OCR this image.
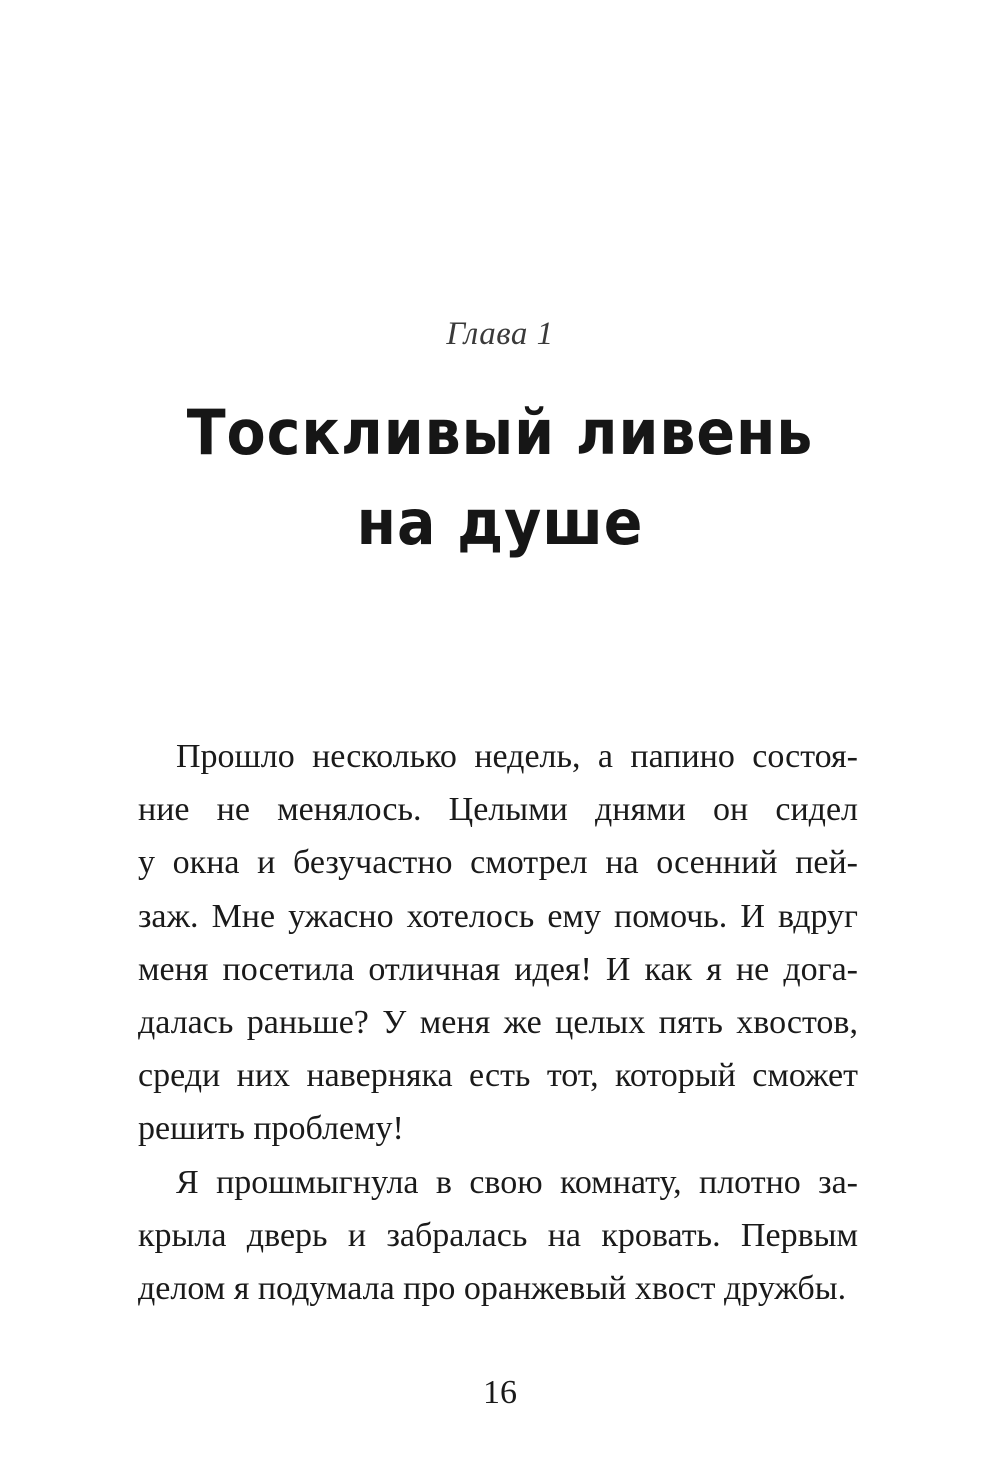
Глава 1
Тоскливый ливень
на душе
Прошло несколько недель, а папино состоя-
ние не менялось. Целыми днями он сидел
у окна и безучастно смотрел на осенний пей-
заж. Мне ужасно хотелось ему помочь. И вдруг
меня посетила отличная идея! И как я не дога-
далась раньше? У меня же целых пять хвостов,
среди них наверняка есть тот, который сможет
решить проблему!
Я прошмыгнула в свою комнату, плотно за-
крыла дверь и забралась на кровать. Первым
делом я подумала про оранжевый хвост дружбы.
16
